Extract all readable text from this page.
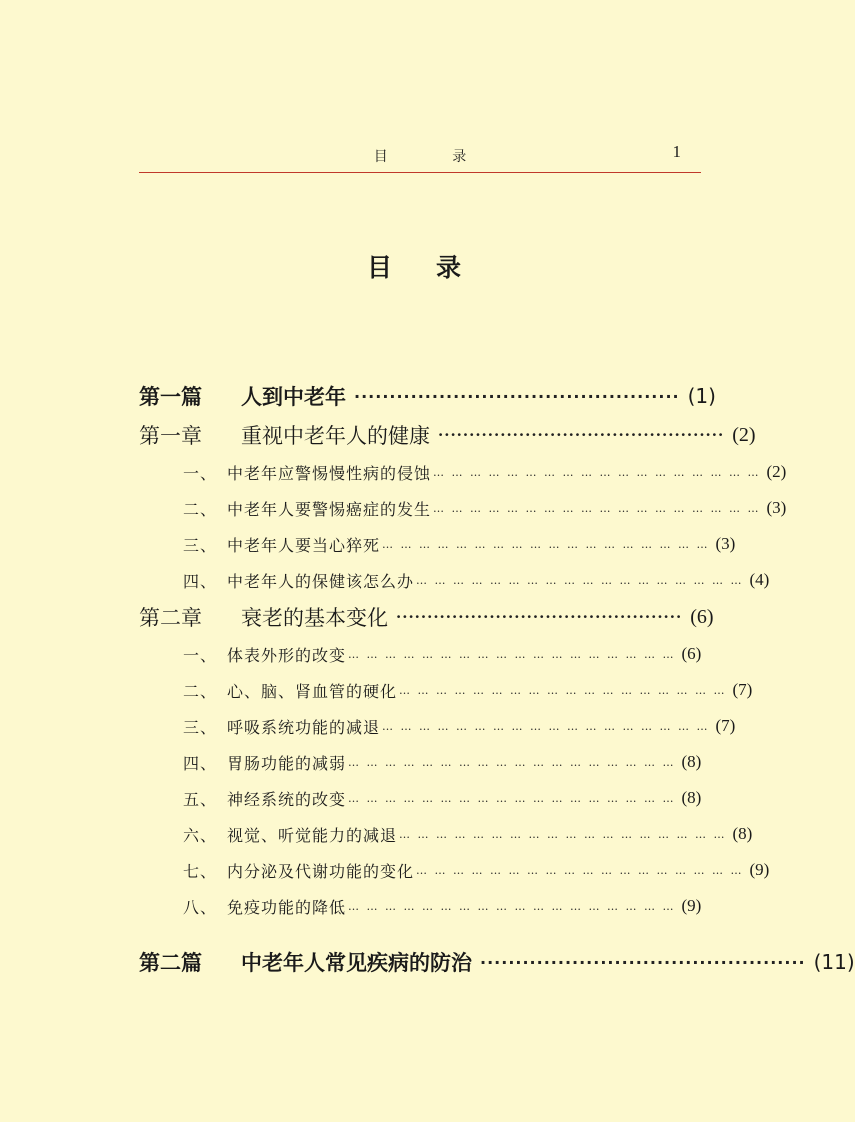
目 录	1
目录
第一篇	人到中老年 ·············································· (1)
第一章	重视中老年人的健康 ·············································· (2)
一、 中老年应警惕慢性病的侵蚀 … … … … … … … … … … … … … … … … … … (2)
二、 中老年人要警惕癌症的发生 … … … … … … … … … … … … … … … … … … (3)
三、 中老年人要当心猝死 … … … … … … … … … … … … … … … … … … (3)
四、 中老年人的保健该怎么办 … … … … … … … … … … … … … … … … … … (4)
第二章	衰老的基本变化 ·············································· (6)
一、 体表外形的改变 … … … … … … … … … … … … … … … … … … (6)
二、 心、脑、肾血管的硬化 … … … … … … … … … … … … … … … … … … (7)
三、 呼吸系统功能的减退 … … … … … … … … … … … … … … … … … … (7)
四、 胃肠功能的减弱 … … … … … … … … … … … … … … … … … … (8)
五、 神经系统的改变 … … … … … … … … … … … … … … … … … … (8)
六、 视觉、听觉能力的减退 … … … … … … … … … … … … … … … … … … (8)
七、 内分泌及代谢功能的变化 … … … … … … … … … … … … … … … … … … (9)
八、 免疫功能的降低 … … … … … … … … … … … … … … … … … … (9)
第二篇	中老年人常见疾病的防治 ·············································· (11)
